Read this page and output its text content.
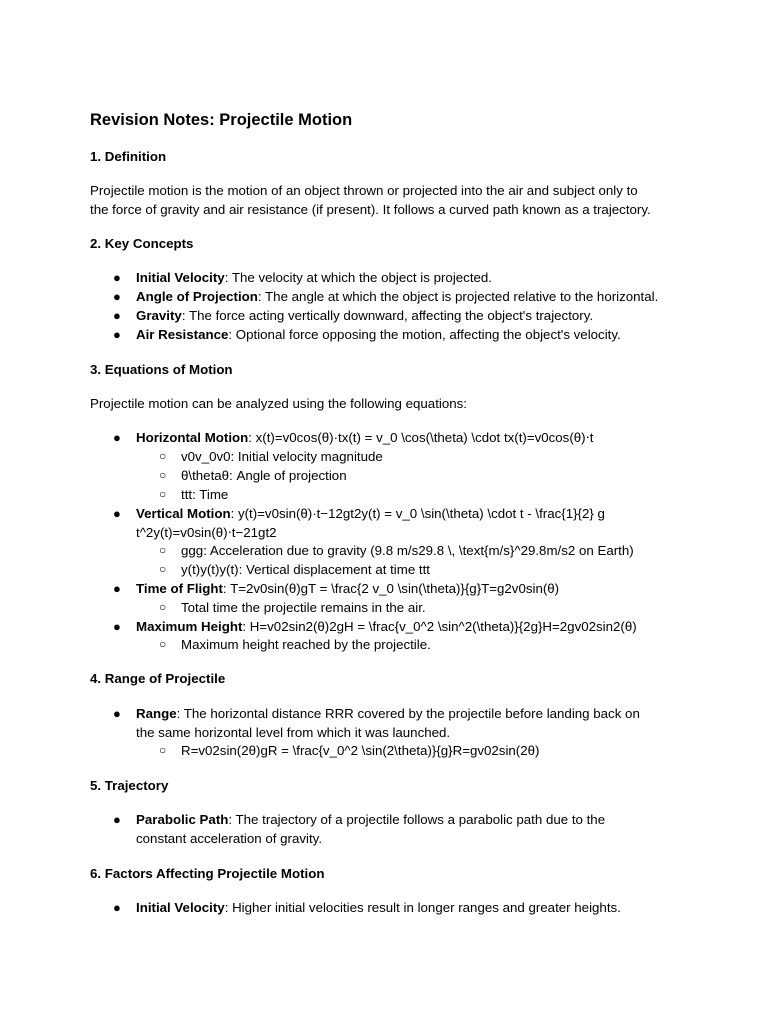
Revision Notes: Projectile Motion
1. Definition
Projectile motion is the motion of an object thrown or projected into the air and subject only to
the force of gravity and air resistance (if present). It follows a curved path known as a trajectory.
2. Key Concepts
● Initial Velocity: The velocity at which the object is projected.
● Angle of Projection: The angle at which the object is projected relative to the horizontal.
● Gravity: The force acting vertically downward, affecting the object's trajectory.
● Air Resistance: Optional force opposing the motion, affecting the object's velocity.
3. Equations of Motion
Projectile motion can be analyzed using the following equations:
● Horizontal Motion: x(t)=v0cos(θ)·tx(t) = v_0 \cos(\theta) \cdot tx(t)=v0cos(θ)⋅t
○ v0v_0v0: Initial velocity magnitude
○ θ\thetaθ: Angle of projection
○ ttt: Time
● Vertical Motion: y(t)=v0sin(θ)·t−12gt2y(t) = v_0 \sin(\theta) \cdot t - \frac{1}{2} g
t^2y(t)=v0sin(θ)⋅t−21gt2
○ ggg: Acceleration due to gravity (9.8 m/s29.8 \, \text{m/s}^29.8m/s2 on Earth)
○ y(t)y(t)y(t): Vertical displacement at time ttt
● Time of Flight: T=2v0sin(θ)gT = \frac{2 v_0 \sin(\theta)}{g}T=g2v0sin(θ)
○ Total time the projectile remains in the air.
● Maximum Height: H=v02sin2(θ)2gH = \frac{v_0^2 \sin^2(\theta)}{2g}H=2gv02sin2(θ)
○ Maximum height reached by the projectile.
4. Range of Projectile
● Range: The horizontal distance RRR covered by the projectile before landing back on
the same horizontal level from which it was launched.
○ R=v02sin(2θ)gR = \frac{v_0^2 \sin(2\theta)}{g}R=gv02sin(2θ)
5. Trajectory
● Parabolic Path: The trajectory of a projectile follows a parabolic path due to the
constant acceleration of gravity.
6. Factors Affecting Projectile Motion
● Initial Velocity: Higher initial velocities result in longer ranges and greater heights.
